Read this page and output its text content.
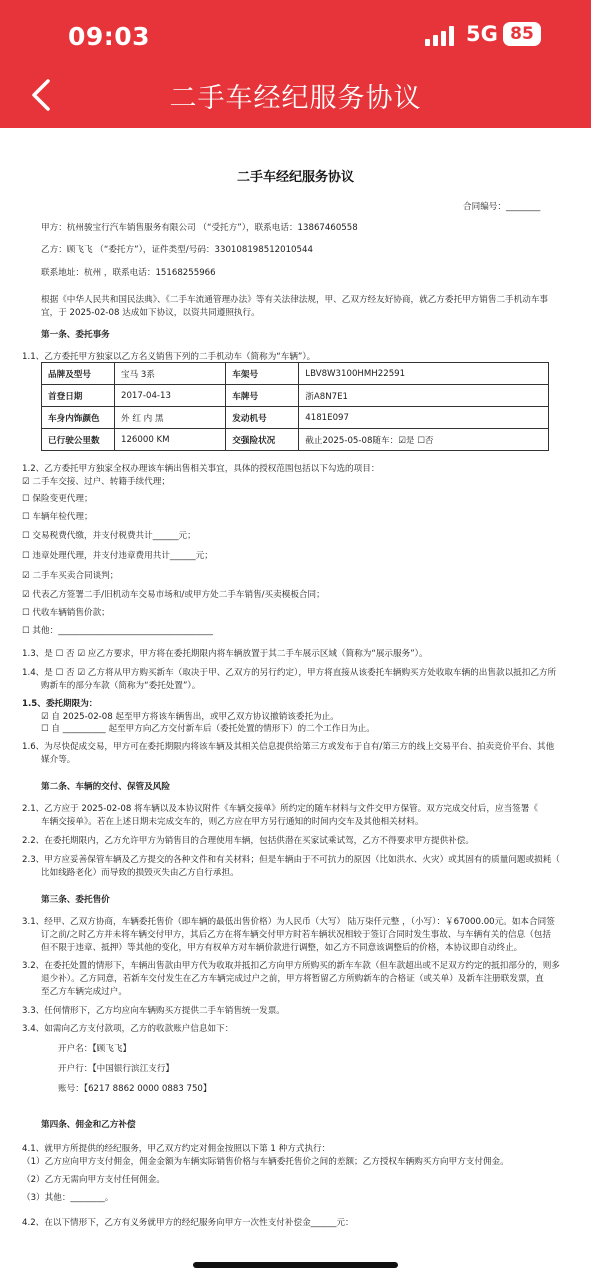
09:03	5G 85
二手车经纪服务协议
二手车经纪服务协议
合同编号：________
甲方：杭州骏宝行汽车销售服务有限公司 （“受托方”），联系电话：13867460558
乙方：顾飞飞 （“委托方”），证件类型/号码：330108198512010544
联系地址：杭州 ，联系电话：15168255966
根据《中华人民共和国民法典》、《二手车流通管理办法》等有关法律法规，甲、乙双方经友好协商，就乙方委托甲方销售二手机动车事
宜，于 2025-02-08 达成如下协议，以资共同遵照执行。
第一条、委托事务
1.1、乙方委托甲方独家以乙方名义销售下列的二手机动车（简称为“车辆”）。
品牌及型号	宝马 3系	车架号	LBV8W3100HMH22591
首登日期	2017-04-13	车牌号	浙A8N7E1
车身内饰颜色	外 红 内 黑	发动机号	4181E097
已行驶公里数	126000 KM	交强险状况	截止2025-05-08随车：☑是 ☐否
1.2、乙方委托甲方独家全权办理该车辆出售相关事宜，具体的授权范围包括以下勾选的项目：
☑ 二手车交接、过户、转籍手续代理；
☐ 保险变更代理；
☐ 车辆年检代理；
☐ 交易税费代缴，并支付税费共计______元；
☐ 违章处理代理，并支付违章费用共计______元；
☑ 二手车买卖合同谈判；
☑ 代表乙方签署二手/旧机动车交易市场和/或甲方处二手车销售/买卖模板合同；
☐ 代收车辆销售价款；
☐ 其他：____________________________________
1.3、是 ☐ 否 ☑ 应乙方要求，甲方将在委托期限内将车辆放置于其二手车展示区域（简称为“展示服务”）。
1.4、是 ☐ 否 ☑ 乙方将从甲方购买新车（取决于甲、乙双方的另行约定），甲方将直接从该委托车辆购买方处收取车辆的出售款以抵扣乙方所
购新车的部分车款（简称为“委托处置”）。
1.5、委托期限为：
☑ 自 2025-02-08 起至甲方将该车辆售出，或甲乙双方协议撤销该委托为止。
☐ 自 __________ 起至甲方向乙方交付新车后（委托处置的情形下）的二个工作日为止。
1.6、为尽快促成交易，甲方可在委托期限内将该车辆及其相关信息提供给第三方或发布于自有/第三方的线上交易平台、拍卖竞价平台、其他
媒介等。
第二条、车辆的交付、保管及风险
2.1、乙方应于 2025-02-08 将车辆以及本协议附件《车辆交接单》所约定的随车材料与文件交甲方保管。双方完成交付后，应当签署《
车辆交接单》。若在上述日期未完成交车的，则乙方应在甲方另行通知的时间内交车及其他相关材料。
2.2、在委托期限内，乙方允许甲方为销售目的合理使用车辆，包括供潜在买家试乘试驾，乙方不得要求甲方提供补偿。
2.3、甲方应妥善保管车辆及乙方提交的各种文件和有关材料；但是车辆由于不可抗力的原因（比如洪水、火灾）或其固有的质量问题或损耗（
比如线路老化）而导致的损毁灭失由乙方自行承担。
第三条、委托售价
3.1、经甲、乙双方协商，车辆委托售价（即车辆的最低出售价格）为人民币（大写） 陆万柒仟元整 ，（小写）：￥67000.00元。如本合同签
订之前/之时乙方并未将车辆交付甲方，其后乙方在将车辆交付甲方时若车辆状况相较于签订合同时发生事故、与车辆有关的信息（包括
但不限于违章、抵押）等其他的变化，甲方有权单方对车辆价款进行调整，如乙方不同意该调整后的价格，本协议即自动终止。
3.2、在委托处置的情形下，车辆出售款由甲方代为收取并抵扣乙方向甲方所购买的新车车款（但车款超出或不足双方约定的抵扣部分的，则多
退少补）。乙方同意，若新车交付发生在乙方车辆完成过户之前，甲方将暂留乙方所购新车的合格证（或关单）及新车注册联发票，直
至乙方车辆完成过户。
3.3、任何情形下，乙方均应向车辆购买方提供二手车销售统一发票。
3.4、如需向乙方支付款项，乙方的收款账户信息如下：
开户名：【顾飞飞】
开户行：【中国银行滨江支行】
账号：【6217 8862 0000 0883 750】
第四条、佣金和乙方补偿
4.1、就甲方所提供的经纪服务，甲乙双方约定对佣金按照以下第 1 种方式执行：
（1）乙方应向甲方支付佣金，佣金金额为车辆实际销售价格与车辆委托售价之间的差额；乙方授权车辆购买方向甲方支付佣金。
（2）乙方无需向甲方支付任何佣金。
（3）其他：________。
4.2、在以下情形下，乙方有义务就甲方的经纪服务向甲方一次性支付补偿金______元：
